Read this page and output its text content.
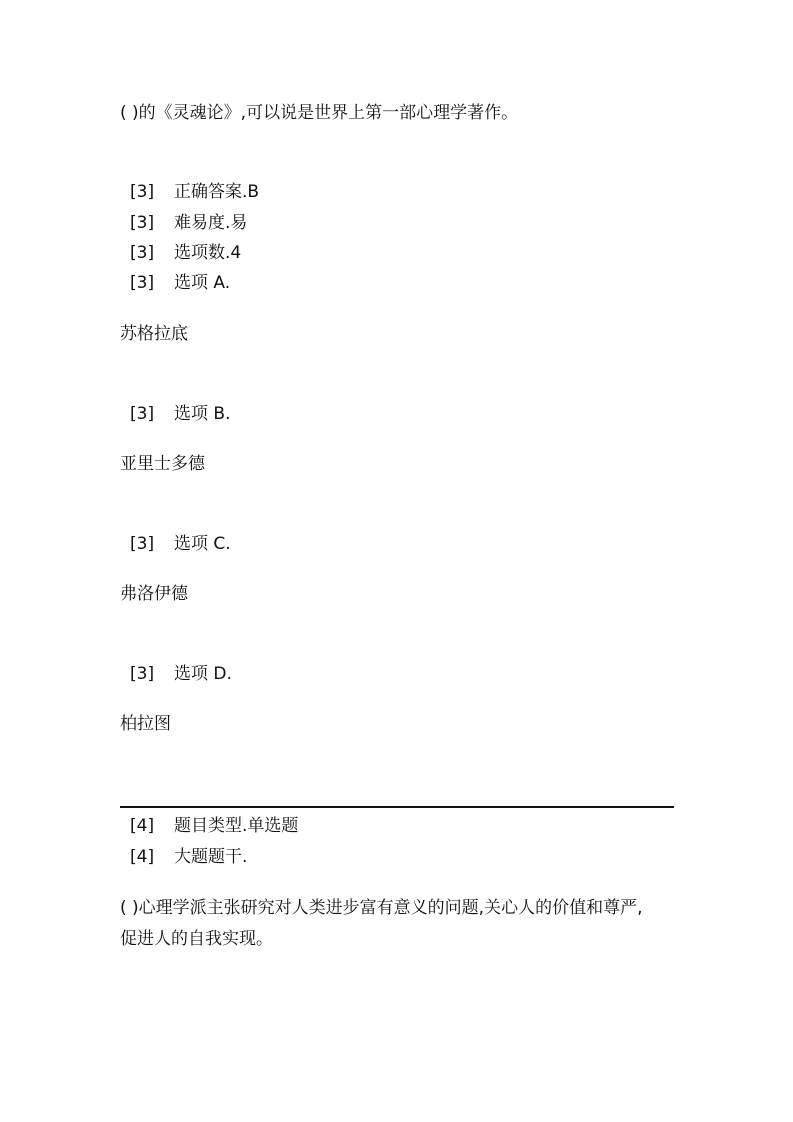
( )的《灵魂论》,可以说是世界上第一部心理学著作。
[3] 正确答案.B
[3] 难易度.易
[3] 选项数.4
[3] 选项 A.
苏格拉底
[3] 选项 B.
亚里士多德
[3] 选项 C.
弗洛伊德
[3] 选项 D.
柏拉图
[4] 题目类型.单选题
[4] 大题题干.
( )心理学派主张研究对人类进步富有意义的问题,关心人的价值和尊严,
促进人的自我实现。
